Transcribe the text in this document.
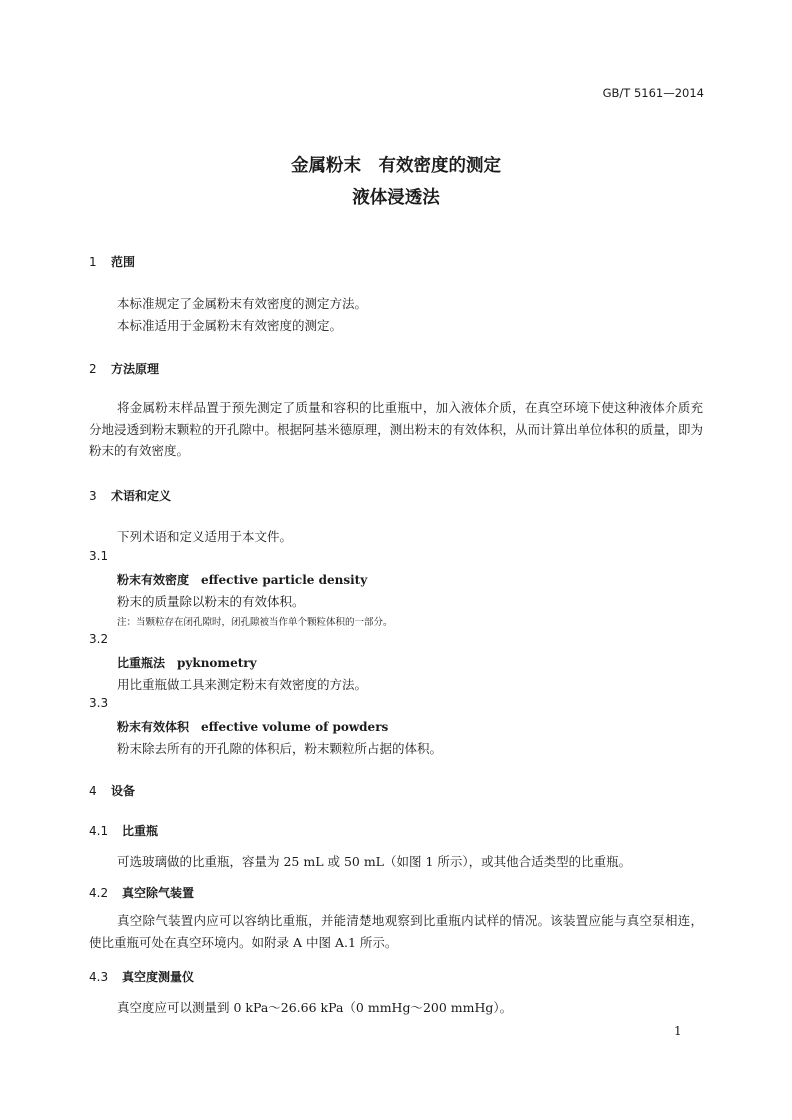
GB/T 5161—2014
金属粉末　有效密度的测定
液体浸透法
1 范围
本标准规定了金属粉末有效密度的测定方法。
本标准适用于金属粉末有效密度的测定。
2 方法原理
将金属粉末样品置于预先测定了质量和容积的比重瓶中，加入液体介质，在真空环境下使这种液体介质充分地浸透到粉末颗粒的开孔隙中。根据阿基米德原理，测出粉末的有效体积，从而计算出单位体积的质量，即为粉末的有效密度。
3 术语和定义
下列术语和定义适用于本文件。
3.1
粉末有效密度 effective particle density
粉末的质量除以粉末的有效体积。
注：当颗粒存在闭孔隙时，闭孔隙被当作单个颗粒体积的一部分。
3.2
比重瓶法 pyknometry
用比重瓶做工具来测定粉末有效密度的方法。
3.3
粉末有效体积 effective volume of powders
粉末除去所有的开孔隙的体积后，粉末颗粒所占据的体积。
4 设备
4.1 比重瓶
可选玻璃做的比重瓶，容量为 25 mL 或 50 mL（如图 1 所示），或其他合适类型的比重瓶。
4.2 真空除气装置
真空除气装置内应可以容纳比重瓶，并能清楚地观察到比重瓶内试样的情况。该装置应能与真空泵相连，使比重瓶可处在真空环境内。如附录 A 中图 A.1 所示。
4.3 真空度测量仪
真空度应可以测量到 0 kPa～26.66 kPa（0 mmHg～200 mmHg）。
1
